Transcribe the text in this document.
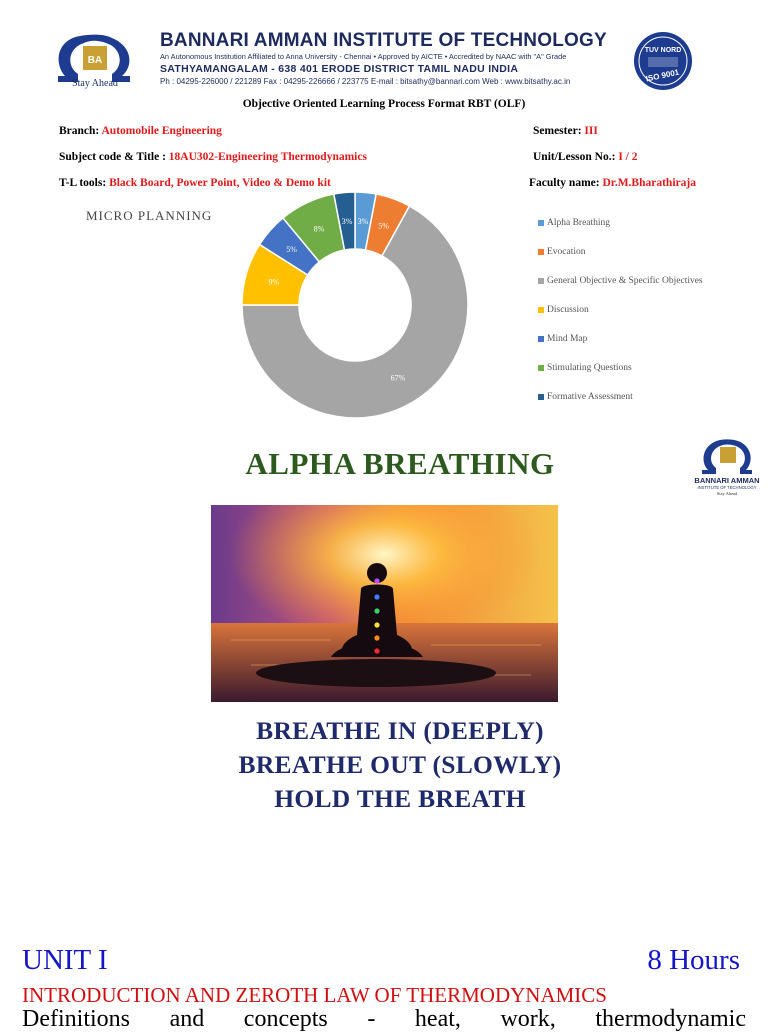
BA
Stay Ahead
BANNARI AMMAN INSTITUTE OF TECHNOLOGY
An Autonomous Institution Affiliated to Anna University - Chennai • Approved by AICTE • Accredited by NAAC with "A" Grade
SATHYAMANGALAM - 638 401 ERODE DISTRICT TAMIL NADU INDIA
Ph : 04295-226000 / 221289 Fax : 04295-226666 / 223775 E-mail : bitsathy@bannari.com Web : www.bitsathy.ac.in
TUV NORD
ISO 9001
Objective Oriented Learning Process Format RBT (OLF)
Branch: Automobile Engineering	Semester: III
Subject code & Title : 18AU302-Engineering Thermodynamics	Unit/Lesson No.: I / 2
T-L tools: Black Board, Power Point, Video & Demo kit	Faculty name: Dr.M.Bharathiraja
MICRO PLANNING	3%
5%
67%
9%
5%
8%
3%	Alpha Breathing
Evocation
General Objective & Specific Objectives
Discussion
Mind Map
Stimulating Questions
Formative Assessment
ALPHA BREATHING	BANNARI AMMAN
INSTITUTE OF TECHNOLOGY
Stay Ahead
BREATHE IN (DEEPLY)
BREATHE OUT (SLOWLY)
HOLD THE BREATH
UNIT I	8 Hours
INTRODUCTION AND ZEROTH LAW OF THERMODYNAMICS
Definitions and concepts - heat, work, thermodynamic
